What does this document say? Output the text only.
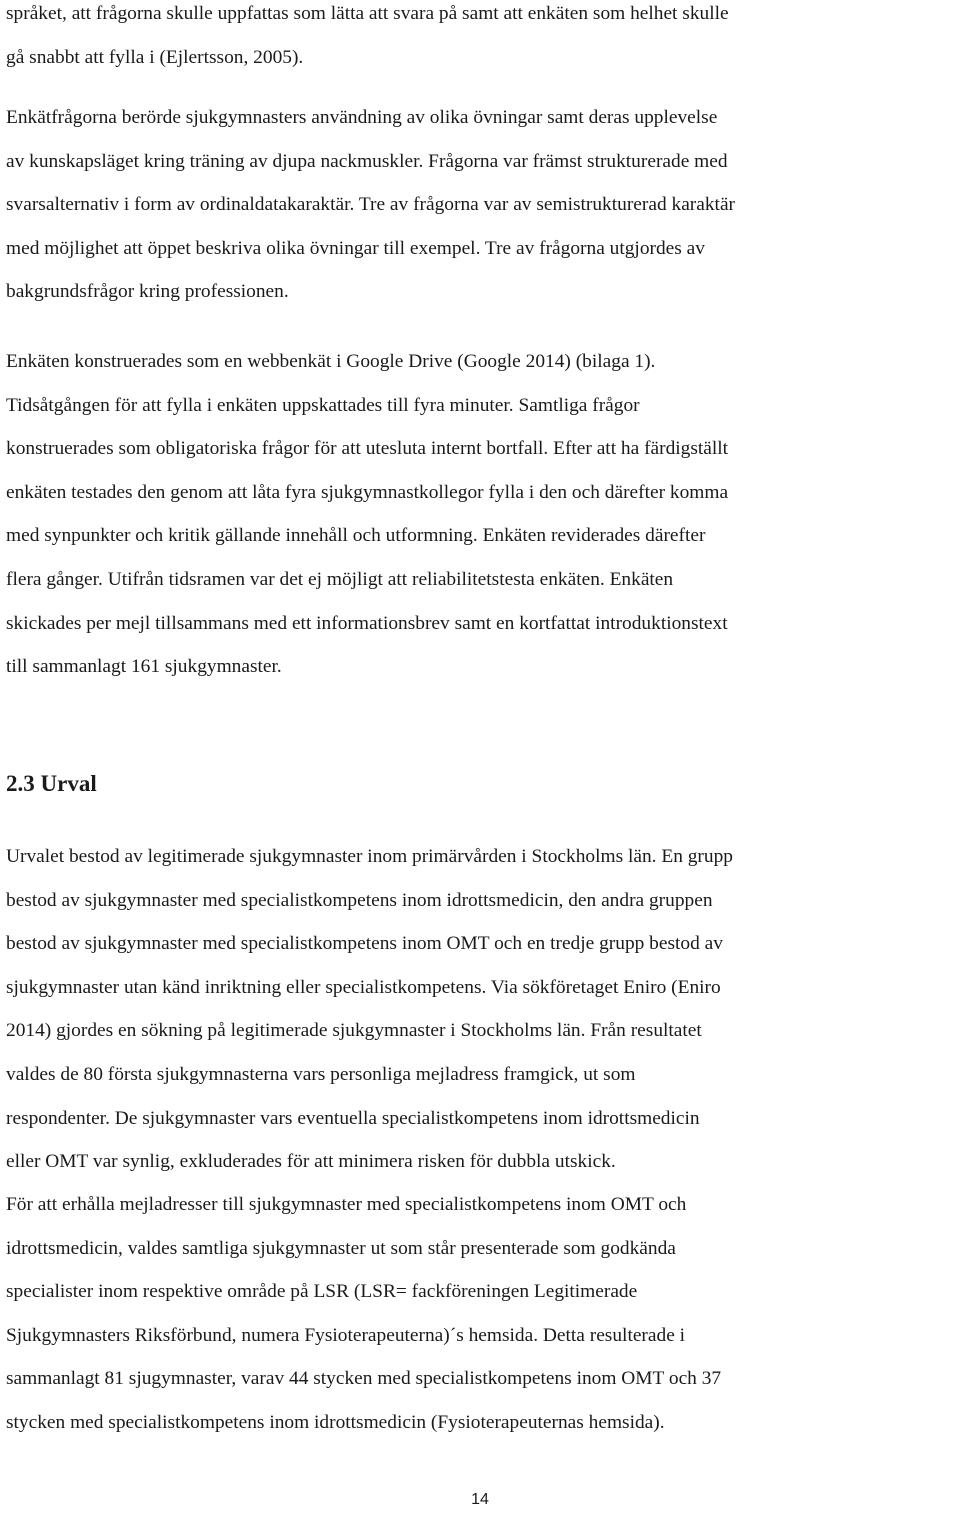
språket, att frågorna skulle uppfattas som lätta att svara på samt att enkäten som helhet skulle
gå snabbt att fylla i (Ejlertsson, 2005).

Enkätfrågorna berörde sjukgymnasters användning av olika övningar samt deras upplevelse
av kunskapsläget kring träning av djupa nackmuskler. Frågorna var främst strukturerade med
svarsalternativ i form av ordinaldatakaraktär. Tre av frågorna var av semistrukturerad karaktär
med möjlighet att öppet beskriva olika övningar till exempel. Tre av frågorna utgjordes av
bakgrundsfrågor kring professionen.

Enkäten konstruerades som en webbenkät i Google Drive (Google 2014) (bilaga 1).
Tidsåtgången för att fylla i enkäten uppskattades till fyra minuter. Samtliga frågor
konstruerades som obligatoriska frågor för att utesluta internt bortfall. Efter att ha färdigställt
enkäten testades den genom att låta fyra sjukgymnastkollegor fylla i den och därefter komma
med synpunkter och kritik gällande innehåll och utformning. Enkäten reviderades därefter
flera gånger. Utifrån tidsramen var det ej möjligt att reliabilitetstesta enkäten. Enkäten
skickades per mejl tillsammans med ett informationsbrev samt en kortfattat introduktionstext
till sammanlagt 161 sjukgymnaster.

2.3 Urval

Urvalet bestod av legitimerade sjukgymnaster inom primärvården i Stockholms län. En grupp
bestod av sjukgymnaster med specialistkompetens inom idrottsmedicin, den andra gruppen
bestod av sjukgymnaster med specialistkompetens inom OMT och en tredje grupp bestod av
sjukgymnaster utan känd inriktning eller specialistkompetens. Via sökföretaget Eniro (Eniro
2014) gjordes en sökning på legitimerade sjukgymnaster i Stockholms län. Från resultatet
valdes de 80 första sjukgymnasterna vars personliga mejladress framgick, ut som
respondenter. De sjukgymnaster vars eventuella specialistkompetens inom idrottsmedicin
eller OMT var synlig, exkluderades för att minimera risken för dubbla utskick.

För att erhålla mejladresser till sjukgymnaster med specialistkompetens inom OMT och
idrottsmedicin, valdes samtliga sjukgymnaster ut som står presenterade som godkända
specialister inom respektive område på LSR (LSR= fackföreningen Legitimerade
Sjukgymnasters Riksförbund, numera Fysioterapeuterna)´s hemsida. Detta resulterade i
sammanlagt 81 sjugymnaster, varav 44 stycken med specialistkompetens inom OMT och 37
stycken med specialistkompetens inom idrottsmedicin (Fysioterapeuternas hemsida).

14
